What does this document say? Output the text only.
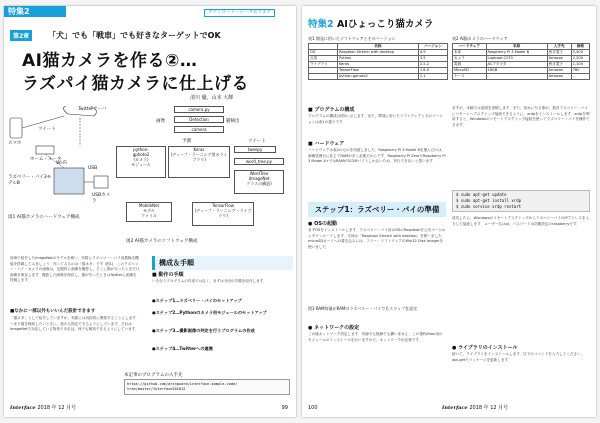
特集2	ダウンロード・データあります
第2章	「犬」でも「戦車」でも好きなターゲットでOK
AI猫カメラを作る②…
ラズパイ猫カメラに仕上げる
清川 優，山本 大輝
Twitterサーバ
スマホ
ツイート
ホーム・ルータ
Wi-Fi
ラズベリー・パイ3モデルB
USB
USBカメラ
図1 AI猫カメラのハードウェア構成
camera.py
Detection
camera
画像	猫検出
予測	ツイート
python-
gphoto2
(カメラ)
モジュール
Keras
(ディープ・ラーニング用のライブラリ)
tweepy
word_tree.py
WordTree
(ImageNet
クラスの構造)
MobileNet
モデル
ファイル
TensorFlow
(ディープ・ラーニング・ライブラリ)
図2 AI猫カメラのソフトウェア構成
前章で紹介したImageNetのモデルを使い，実際にラズベリー・パイ用猫検出機能を搭載してみましょう．作ってみるのは「猫ネタ」です (図1)．このラズベリー・パイ・カメラの画像は，定期的に画像を撮影し，そこに猫が写ったときだけ画像を保存します．撮影した画像を保存し，猫が写ったときはTwitterに画像を投稿します．
■なかに一部以外もいいんだ設計できます
「猫ネタ」として紹介していますが，実際には汎用的に開発することにします．つまり猫を検知したいときに，他のも指定できるようにしています．それはImageNetで対応している物体であれば，何でも検知できるようにしています．
構成＆手順
■ 動作の手順
いきなりプログラムの作成ではなく，まずは今回の手順を紹介します．
●ステップ1…ラズベリー・パイのセットアップ
●ステップ2…Pythonのカメラ用モジュールのセットアップ
●ステップ3…撮影画像の判定を行うプログラムの作成
●ステップ4…Twitterへの連携
本記事のプログラムの入手先
https://github.com/arcnguard/interface-sample-code/
tree/master/Interface201812
Interface 2018 年 12 月号	99
特集2 AIひょっこり猫カメラ
表1 開発に用いたソフトウェアとそのバージョン
	名称	バージョン
OS	Raspbian Stretch with desktop	4.9
言語	Python	3.5
ライブラリ	Keras	2.2.2
	TensorFlow	1.8.0
	python-gphoto2	1.1
表2 AI猫カメラのハードウェア
ハードウェア	名称	入手先	価格
本体	Raspberry Pi 3 Model B	秋月電子	5,400
カメラ	Logicool C270	Amazon	2,200
電源	ACアダプタ	秋月電子	1,100
MicroSD	16GB	Amazon	780
ケース	-	Amazon	-
■ プログラムの構成
プログラムの構成は図2に示します．また，開発に用いたソフトウェアとそのバージョンは表1の通りです．
■ ハードウェア
ハードウェアは表2のものを用意しました．Raspberry Pi 3 Model Bを選んだのは，画像処理行に応じてRAMが多く必要だからです．Raspberry Pi ZeroやRaspberry Pi 3 Model A+ではRAMが512Mバイトしかないため，実行できないと思います．
ステップ1：ラズベリー・パイの準備
● OSの起動
まずOSをインストールします．ラズベリー・パイ用のOSのRaspbianを公式ページからダウンロードします．今回は「Raspbian Stretch with desktop」を使いました．microSDカードへの書き込みには，フリー・ソフトウェアのWin32 Disk Imagerを使いました．
図3 RAM容量がRAMのラズベリー・パイでもスワップを設定
● ネットワークの設定
この後ネットワーク設定します．有線でも無線でも構いません．この後Python用のモジュールのインストールを行いますので，ネットワークが必要です．
ますが，本稿では説明を省略します．また，初めにやる事が，数音ラズベリー・パイにリモートへデスクトップ接続できるように，xrdpをインストールします．xrdpを利用すると，Windowsのリモートデスクトップ接続を使ってラズベリー・パイを操作できます．
$ sudo apt-get update
$ sudo apt-get install xrdp
$ sudo service xrdp restart
成功したら，WindowsのリモートデスクトップからラズベリーパイのIPアドレスを入力して接続します．ユーザー名はpi，パスワードは初期設定のraspberryです．
● ライブラリのインストール
続いて，ライブラリをインストールします．以下のコマンドを入力してください．apt-getでパッケージを更新します．
100	Interface 2018 年 12 月号
